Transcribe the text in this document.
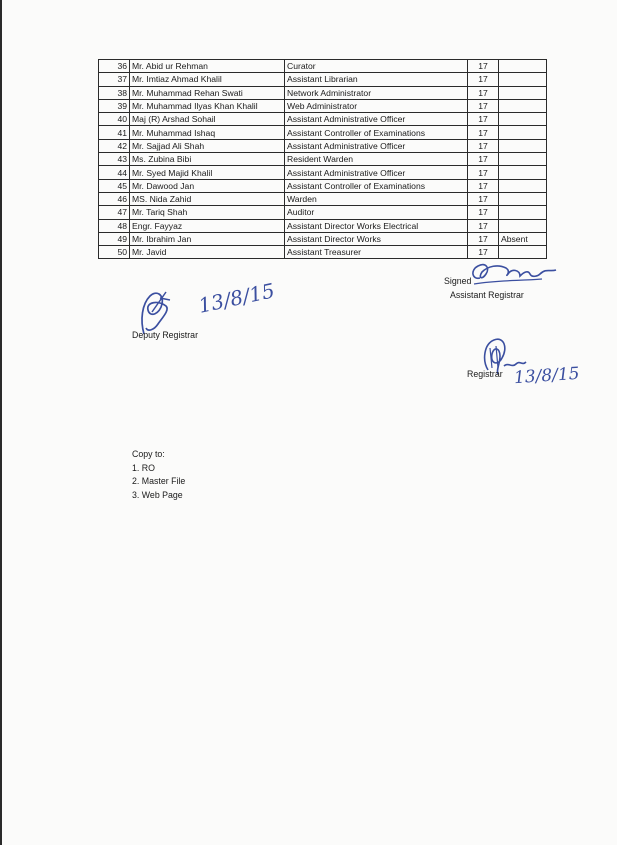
36	Mr. Abid ur Rehman	Curator	17	
37	Mr. Imtiaz Ahmad Khalil	Assistant Librarian	17	
38	Mr. Muhammad Rehan Swati	Network Administrator	17	
39	Mr. Muhammad Ilyas Khan Khalil	Web Administrator	17	
40	Maj (R) Arshad Sohail	Assistant Administrative Officer	17	
41	Mr. Muhammad Ishaq	Assistant Controller of Examinations	17	
42	Mr. Sajjad Ali Shah	Assistant Administrative Officer	17	
43	Ms. Zubina Bibi	Resident Warden	17	
44	Mr. Syed Majid Khalil	Assistant Administrative Officer	17	
45	Mr. Dawood Jan	Assistant Controller of Examinations	17	
46	MS. Nida Zahid	Warden	17	
47	Mr. Tariq Shah	Auditor	17	
48	Engr. Fayyaz	Assistant Director Works Electrical	17	
49	Mr. Ibrahim Jan	Assistant Director Works	17	Absent
50	Mr. Javid	Assistant Treasurer	17	
Signed
Assistant Registrar
Deputy Registrar
13/8/15
Registrar 13/8/15
Copy to:
1. RO
2. Master File
3. Web Page
